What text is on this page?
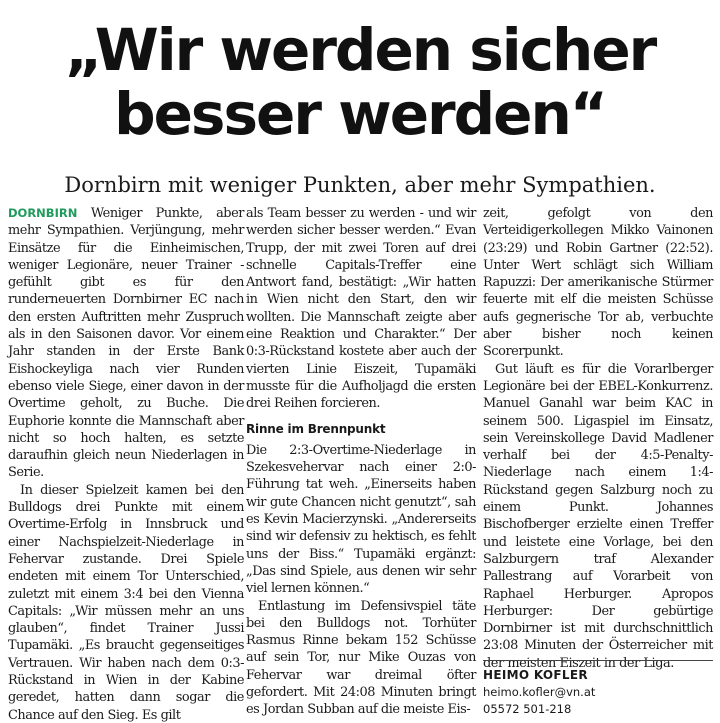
„Wir werden sicher
besser werden“
Dornbirn mit weniger Punkten, aber mehr Sympathien.

DORNBIRN Weniger Punkte, aber mehr Sympathien. Verjüngung, mehr Einsätze für die Einheimischen, weniger Legionäre, neuer Trainer - gefühlt gibt es für den runderneuerten Dornbirner EC nach den ersten Auftritten mehr Zuspruch als in den Saisonen davor. Vor einem Jahr standen in der Erste Bank Eishockeyliga nach vier Runden ebenso viele Siege, einer davon in der Overtime geholt, zu Buche. Die Euphorie konnte die Mannschaft aber nicht so hoch halten, es setzte daraufhin gleich neun Niederlagen in Serie.

In dieser Spielzeit kamen bei den Bulldogs drei Punkte mit einem Overtime-Erfolg in Innsbruck und einer Nachspielzeit-Niederlage in Fehervar zustande. Drei Spiele endeten mit einem Tor Unterschied, zuletzt mit einem 3:4 bei den Vienna Capitals: „Wir müssen mehr an uns glauben“, findet Trainer Jussi Tupamäki. „Es braucht gegenseitiges Vertrauen. Wir haben nach dem 0:3-Rückstand in Wien in der Kabine geredet, hatten dann sogar die Chance auf den Sieg. Es gilt

als Team besser zu werden - und wir werden sicher besser werden.“ Evan Trupp, der mit zwei Toren auf drei schnelle Capitals-Treffer eine Antwort fand, bestätigt: „Wir hatten in Wien nicht den Start, den wir wollten. Die Mannschaft zeigte aber eine Reaktion und Charakter.“ Der 0:3-Rückstand kostete aber auch der vierten Linie Eiszeit, Tupamäki musste für die Aufholjagd die ersten drei Reihen forcieren.

Rinne im Brennpunkt

Die 2:3-Overtime-Niederlage in Szekesvehervar nach einer 2:0-Führung tat weh. „Einerseits haben wir gute Chancen nicht genutzt“, sah es Kevin Macierzynski. „Andererseits sind wir defensiv zu hektisch, es fehlt uns der Biss.“ Tupamäki ergänzt: „Das sind Spiele, aus denen wir sehr viel lernen können.“

Entlastung im Defensivspiel täte bei den Bulldogs not. Torhüter Rasmus Rinne bekam 152 Schüsse auf sein Tor, nur Mike Ouzas von Fehervar war dreimal öfter gefordert. Mit 24:08 Minuten bringt es Jordan Subban auf die meiste Eis-

zeit, gefolgt von den Verteidigerkollegen Mikko Vainonen (23:29) und Robin Gartner (22:52). Unter Wert schlägt sich William Rapuzzi: Der amerikanische Stürmer feuerte mit elf die meisten Schüsse aufs gegnerische Tor ab, verbuchte aber bisher noch keinen Scorerpunkt.

Gut läuft es für die Vorarlberger Legionäre bei der EBEL-Konkurrenz. Manuel Ganahl war beim KAC in seinem 500. Ligaspiel im Einsatz, sein Vereinskollege David Madlener verhalf bei der 4:5-Penalty-Niederlage nach einem 1:4-Rückstand gegen Salzburg noch zu einem Punkt. Johannes Bischofberger erzielte einen Treffer und leistete eine Vorlage, bei den Salzburgern traf Alexander Pallestrang auf Vorarbeit von Raphael Herburger. Apropos Herburger: Der gebürtige Dornbirner ist mit durchschnittlich 23:08 Minuten der Österreicher mit der meisten Eiszeit in der Liga.

HEIMO KOFLER
heimo.kofler@vn.at
05572 501-218
